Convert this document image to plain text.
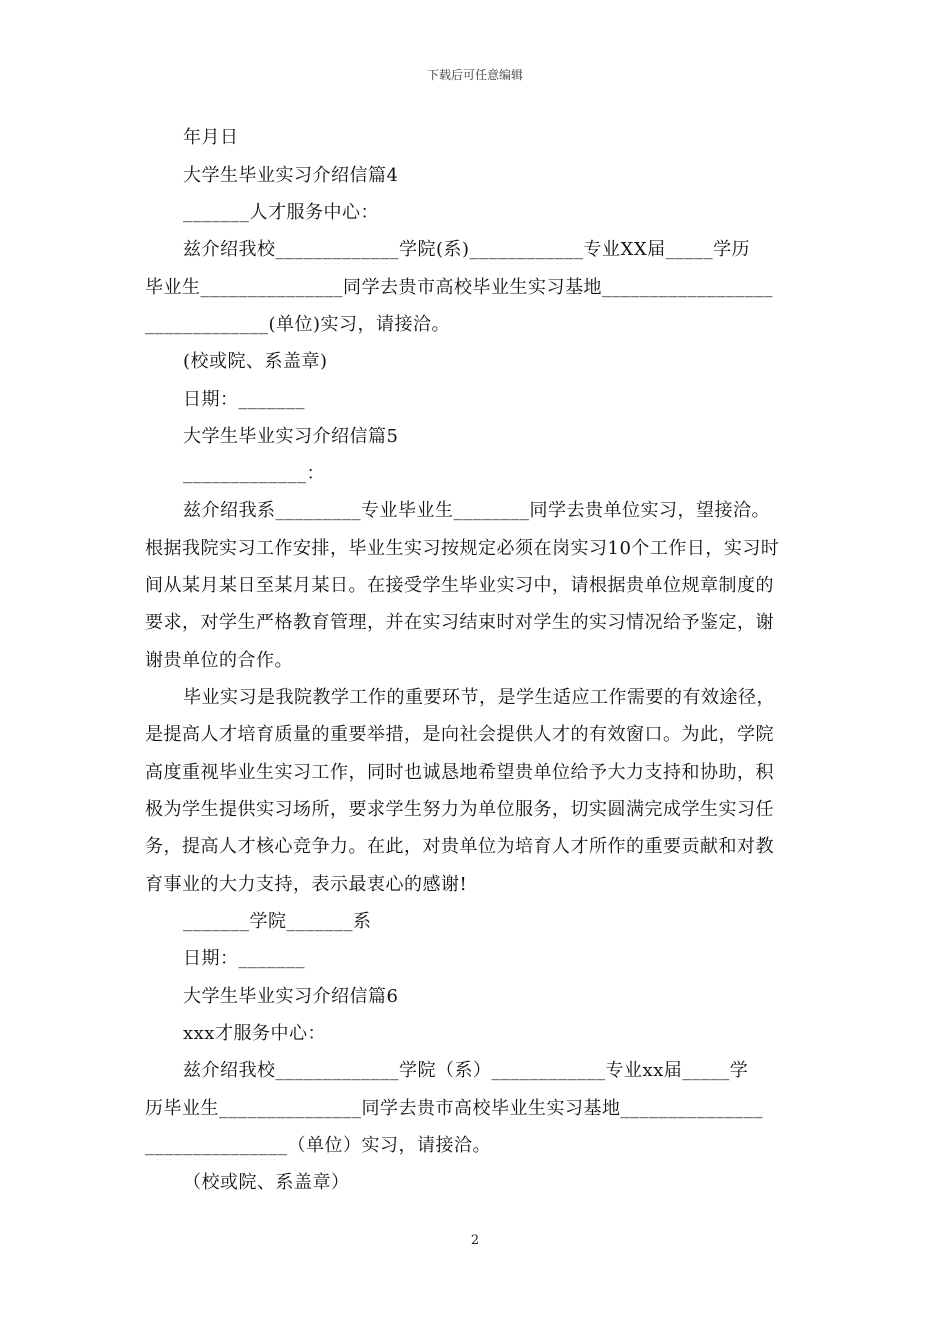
下载后可任意编辑
年月日
大学生毕业实习介绍信篇4
_______人才服务中心：
兹介绍我校_____________学院(系)____________专业XX届_____学历
毕业生_______________同学去贵市高校毕业生实习基地__________________
_____________(单位)实习，请接洽。
(校或院、系盖章)
日期：_______
大学生毕业实习介绍信篇5
_____________：
兹介绍我系_________专业毕业生________同学去贵单位实习，望接洽。
根据我院实习工作安排，毕业生实习按规定必须在岗实习10个工作日，实习时
间从某月某日至某月某日。在接受学生毕业实习中，请根据贵单位规章制度的
要求，对学生严格教育管理，并在实习结束时对学生的实习情况给予鉴定，谢
谢贵单位的合作。
毕业实习是我院教学工作的重要环节，是学生适应工作需要的有效途径，
是提高人才培育质量的重要举措，是向社会提供人才的有效窗口。为此，学院
高度重视毕业生实习工作，同时也诚恳地希望贵单位给予大力支持和协助，积
极为学生提供实习场所，要求学生努力为单位服务，切实圆满完成学生实习任
务，提高人才核心竞争力。在此，对贵单位为培育人才所作的重要贡献和对教
育事业的大力支持，表示最衷心的感谢!
_______学院_______系
日期：_______
大学生毕业实习介绍信篇6
xxx才服务中心：
兹介绍我校_____________学院（系）____________专业xx届_____学
历毕业生_______________同学去贵市高校毕业生实习基地_______________
_______________（单位）实习，请接洽。
（校或院、系盖章）
2
